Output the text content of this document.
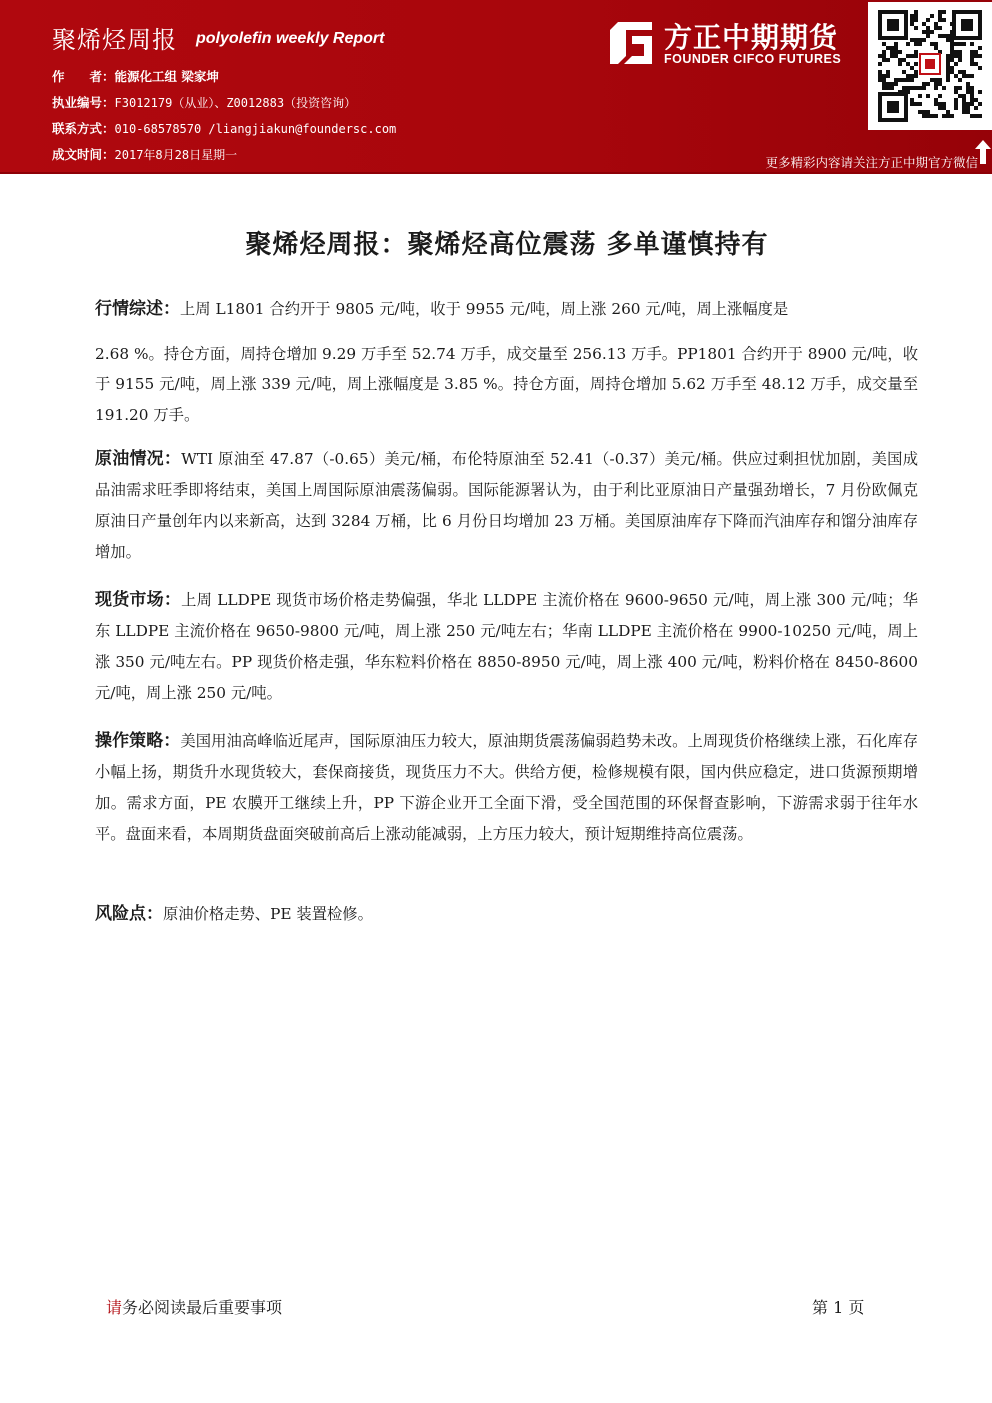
聚烯烃周报 polyolefin weekly Report
作　　者：能源化工组 梁家坤
执业编号：F3012179（从业）、Z0012883（投资咨询）
联系方式：010-68578570 /liangjiakun@foundersc.com
成文时间：2017年8月28日星期一
方正中期期货
FOUNDER CIFCO FUTURES
更多精彩内容请关注方正中期官方微信
聚烯烃周报：聚烯烃高位震荡 多单谨慎持有

行情综述：上周 L1801 合约开于 9805 元/吨，收于 9955 元/吨，周上涨 260 元/吨，周上涨幅度是
2.68 %。持仓方面，周持仓增加 9.29 万手至 52.74 万手，成交量至 256.13 万手。PP1801 合约开于 8900 元/吨，收于 9155 元/吨，周上涨 339 元/吨，周上涨幅度是 3.85 %。持仓方面，周持仓增加 5.62 万手至 48.12 万手，成交量至 191.20 万手。

原油情况：WTI 原油至 47.87（-0.65）美元/桶，布伦特原油至 52.41（-0.37）美元/桶。供应过剩担忧加剧，美国成品油需求旺季即将结束，美国上周国际原油震荡偏弱。国际能源署认为，由于利比亚原油日产量强劲增长，7 月份欧佩克原油日产量创年内以来新高，达到 3284 万桶，比 6 月份日均增加 23 万桶。美国原油库存下降而汽油库存和馏分油库存增加。

现货市场：上周 LLDPE 现货市场价格走势偏强，华北 LLDPE 主流价格在 9600-9650 元/吨，周上涨 300 元/吨；华东 LLDPE 主流价格在 9650-9800 元/吨，周上涨 250 元/吨左右；华南 LLDPE 主流价格在 9900-10250 元/吨，周上涨 350 元/吨左右。PP 现货价格走强，华东粒料价格在 8850-8950 元/吨，周上涨 400 元/吨，粉料价格在 8450-8600 元/吨，周上涨 250 元/吨。

操作策略：美国用油高峰临近尾声，国际原油压力较大，原油期货震荡偏弱趋势未改。上周现货价格继续上涨，石化库存小幅上扬，期货升水现货较大，套保商接货，现货压力不大。供给方便，检修规模有限，国内供应稳定，进口货源预期增加。需求方面，PE 农膜开工继续上升，PP 下游企业开工全面下滑，受全国范围的环保督查影响，下游需求弱于往年水平。盘面来看，本周期货盘面突破前高后上涨动能减弱，上方压力较大，预计短期维持高位震荡。

风险点：原油价格走势、PE 装置检修。

请务必阅读最后重要事项	第 1 页
